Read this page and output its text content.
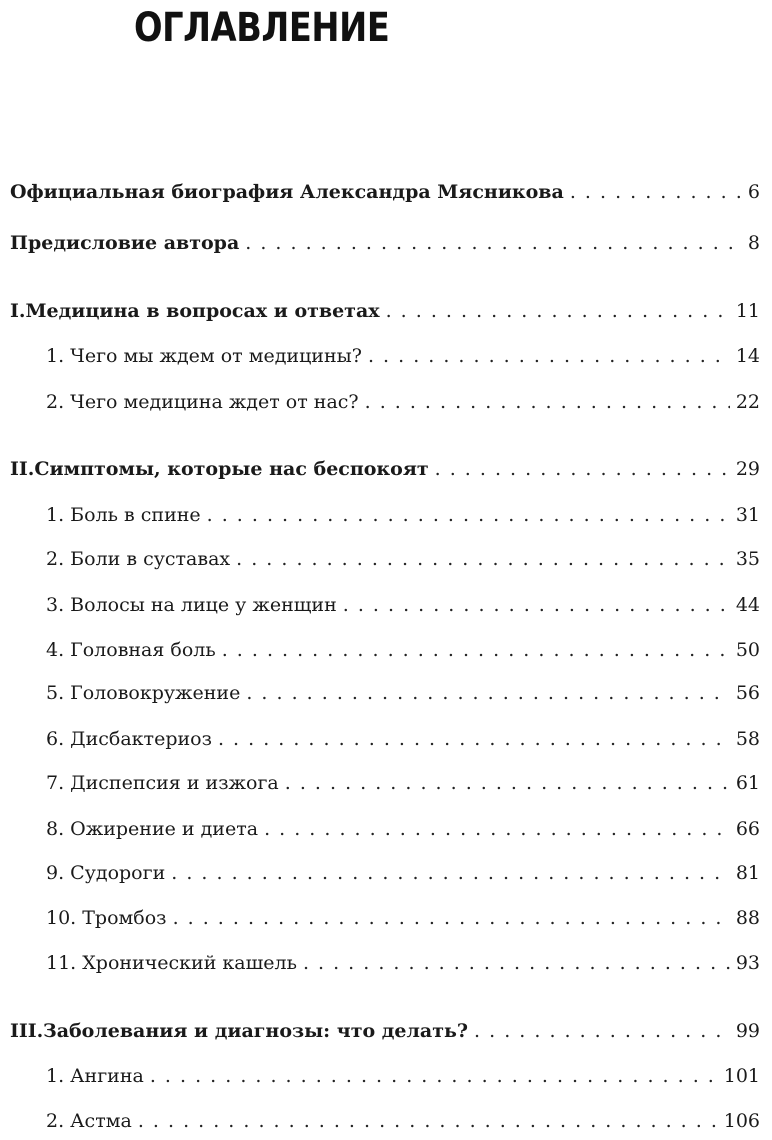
ОГЛАВЛЕНИЕ
Официальная биография Александра Мясникова . . .	6
Предисловие автора . . .	8
I. Медицина в вопросах и ответах . . .	11
1. Чего мы ждем от медицины? . . .	14
2. Чего медицина ждет от нас? . . .	22
II. Симптомы, которые нас беспокоят . . .	29
1. Боль в спине . . .	31
2. Боли в суставах . . .	35
3. Волосы на лице у женщин . . .	44
4. Головная боль . . .	50
5. Головокружение . . .	56
6. Дисбактериоз . . .	58
7. Диспепсия и изжога . . .	61
8. Ожирение и диета . . .	66
9. Судороги . . .	81
10. Тромбоз . . .	88
11. Хронический кашель . . .	93
III. Заболевания и диагнозы: что делать? . . .	99
1. Ангина . . .	101
2. Астма . . .	106
